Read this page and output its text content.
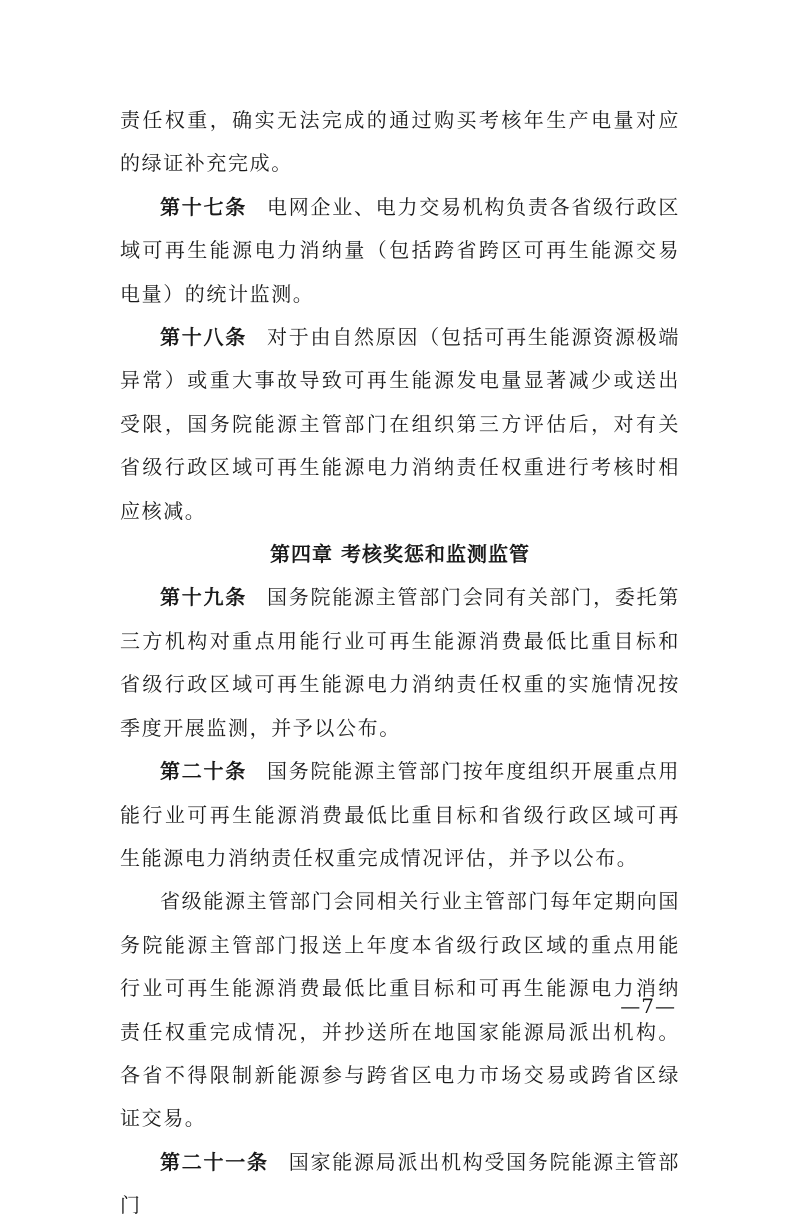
责任权重，确实无法完成的通过购买考核年生产电量对应的绿证补充完成。

第十七条 电网企业、电力交易机构负责各省级行政区域可再生能源电力消纳量（包括跨省跨区可再生能源交易电量）的统计监测。

第十八条 对于由自然原因（包括可再生能源资源极端异常）或重大事故导致可再生能源发电量显著减少或送出受限，国务院能源主管部门在组织第三方评估后，对有关省级行政区域可再生能源电力消纳责任权重进行考核时相应核减。

第四章 考核奖惩和监测监管

第十九条 国务院能源主管部门会同有关部门，委托第三方机构对重点用能行业可再生能源消费最低比重目标和省级行政区域可再生能源电力消纳责任权重的实施情况按季度开展监测，并予以公布。

第二十条 国务院能源主管部门按年度组织开展重点用能行业可再生能源消费最低比重目标和省级行政区域可再生能源电力消纳责任权重完成情况评估，并予以公布。

省级能源主管部门会同相关行业主管部门每年定期向国务院能源主管部门报送上年度本省级行政区域的重点用能行业可再生能源消费最低比重目标和可再生能源电力消纳责任权重完成情况，并抄送所在地国家能源局派出机构。各省不得限制新能源参与跨省区电力市场交易或跨省区绿证交易。

第二十一条 国家能源局派出机构受国务院能源主管部门

—7—
